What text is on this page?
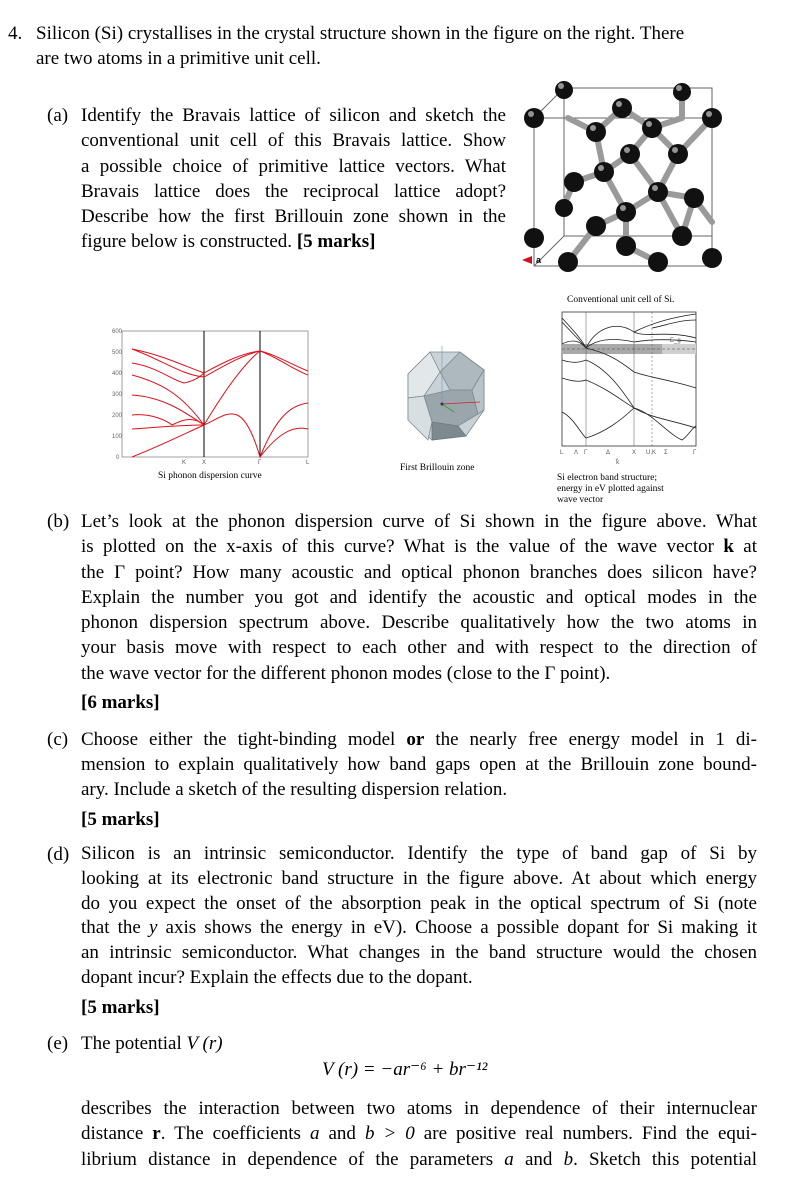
4. Silicon (Si) crystallises in the crystal structure shown in the figure on the right. There
are two atoms in a primitive unit cell.
(a) Identify the Bravais lattice of silicon and sketch the
conventional unit cell of this Bravais lattice. Show
a possible choice of primitive lattice vectors. What
Bravais lattice does the reciprocal lattice adopt?
Describe how the first Brillouin zone shown in the
figure below is constructed. [5 marks]
a
600
500
400
300
200
100
0
K	X	Γ	L
Si phonon dispersion curve
First Brillouin zone
Conventional unit cell of Si.
L Λ Γ	Δ	X U,K Σ	Γ
k⃗
E_g
Si electron band structure;
energy in eV plotted against
wave vector
(b) Let’s look at the phonon dispersion curve of Si shown in the figure above. What
is plotted on the x-axis of this curve? What is the value of the wave vector k at
the Γ point? How many acoustic and optical phonon branches does silicon have?
Explain the number you got and identify the acoustic and optical modes in the
phonon dispersion spectrum above. Describe qualitatively how the two atoms in
your basis move with respect to each other and with respect to the direction of
the wave vector for the different phonon modes (close to the Γ point).
[6 marks]
(c) Choose either the tight-binding model or the nearly free energy model in 1 di-
mension to explain qualitatively how band gaps open at the Brillouin zone bound-
ary. Include a sketch of the resulting dispersion relation.
[5 marks]
(d) Silicon is an intrinsic semiconductor. Identify the type of band gap of Si by
looking at its electronic band structure in the figure above. At about which energy
do you expect the onset of the absorption peak in the optical spectrum of Si (note
that the y axis shows the energy in eV). Choose a possible dopant for Si making it
an intrinsic semiconductor. What changes in the band structure would the chosen
dopant incur? Explain the effects due to the dopant.
[5 marks]
(e) The potential V (r)
V (r) = −ar⁻⁶ + br⁻¹²
describes the interaction between two atoms in dependence of their internuclear
distance r. The coefficients a and b > 0 are positive real numbers. Find the equi-
librium distance in dependence of the parameters a and b. Sketch this potential
